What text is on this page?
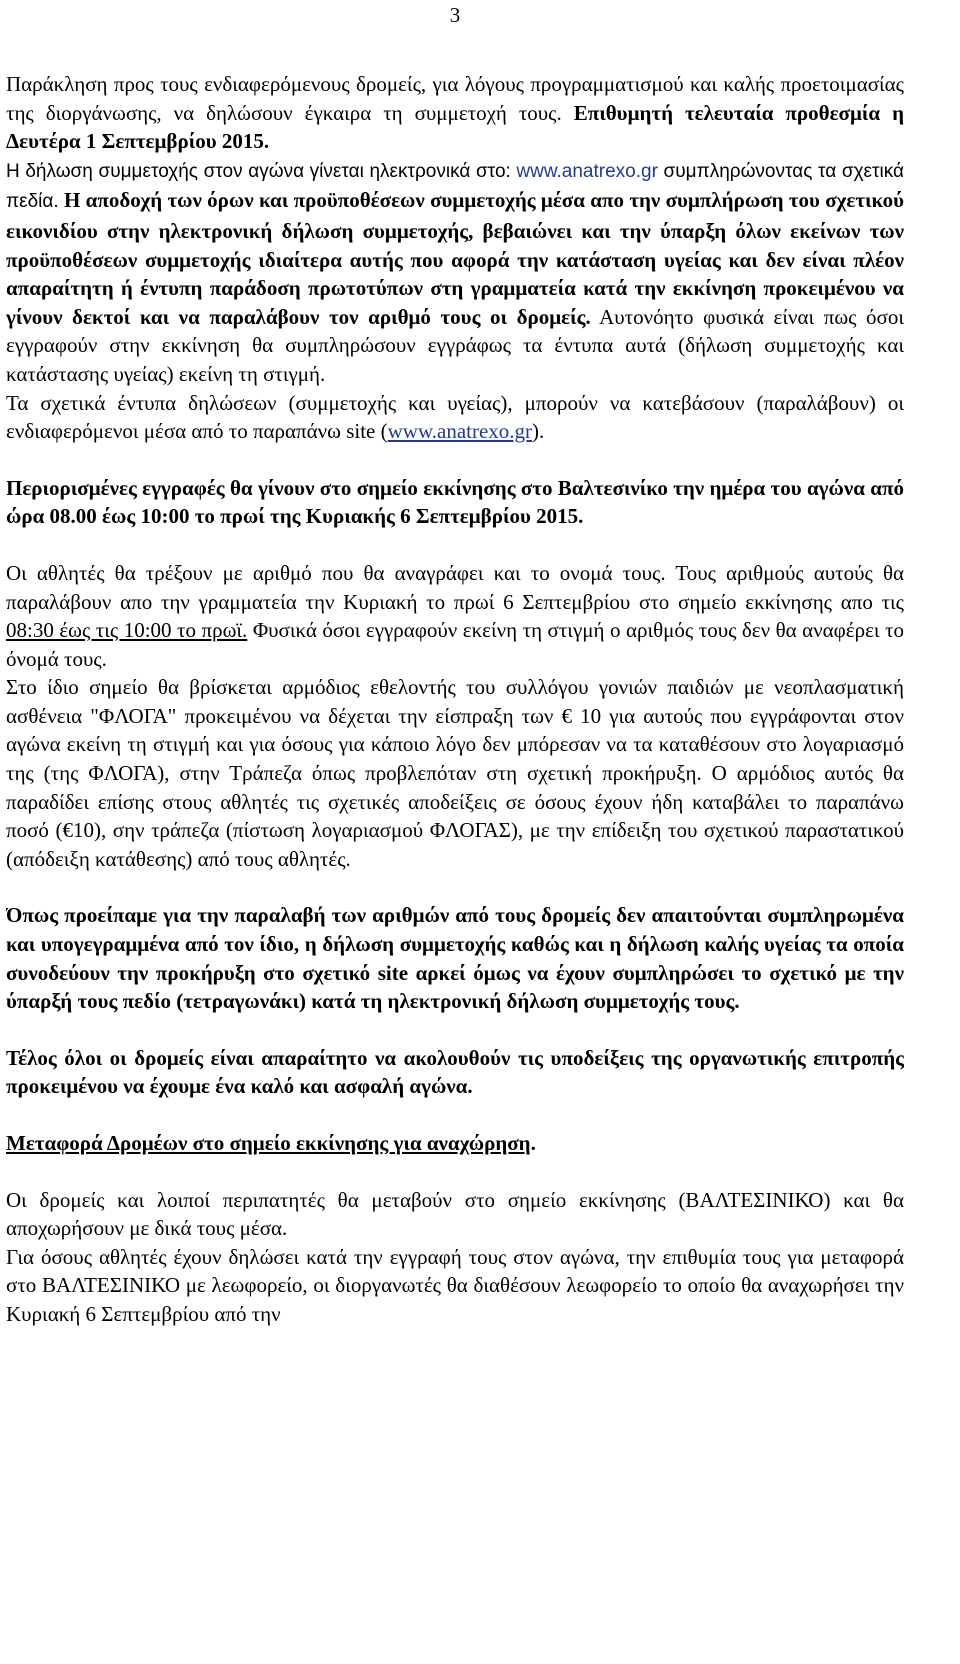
3

Παράκληση προς τους ενδιαφερόμενους δρομείς, για λόγους προγραμματισμού και καλής προετοιμασίας της διοργάνωσης, να δηλώσουν έγκαιρα τη συμμετοχή τους. Επιθυμητή τελευταία προθεσμία η Δευτέρα 1 Σεπτεμβρίου 2015.

Η δήλωση συμμετοχής στον αγώνα γίνεται ηλεκτρονικά στο: www.anatrexo.gr συμπληρώνοντας τα σχετικά πεδία. Η αποδοχή των όρων και προϋποθέσεων συμμετοχής μέσα απο την συμπλήρωση του σχετικού εικονιδίου στην ηλεκτρονική δήλωση συμμετοχής, βεβαιώνει και την ύπαρξη όλων εκείνων των προϋποθέσεων συμμετοχής ιδιαίτερα αυτής που αφορά την κατάσταση υγείας και δεν είναι πλέον απαραίτητη ή έντυπη παράδοση πρωτοτύπων στη γραμματεία κατά την εκκίνηση προκειμένου να γίνουν δεκτοί και να παραλάβουν τον αριθμό τους οι δρομείς. Αυτονόητο φυσικά είναι πως όσοι εγγραφούν στην εκκίνηση θα συμπληρώσουν εγγράφως τα έντυπα αυτά (δήλωση συμμετοχής και κατάστασης υγείας) εκείνη τη στιγμή.

Τα σχετικά έντυπα δηλώσεων (συμμετοχής και υγείας), μπορούν να κατεβάσουν (παραλάβουν) οι ενδιαφερόμενοι μέσα από το παραπάνω site (www.anatrexo.gr).

Περιορισμένες εγγραφές θα γίνουν στο σημείο εκκίνησης στο Βαλτεσινίκο την ημέρα του αγώνα από ώρα 08.00 έως 10:00 το πρωί της Κυριακής 6 Σεπτεμβρίου 2015.

Οι αθλητές θα τρέξουν με αριθμό που θα αναγράφει και το ονομά τους. Τους αριθμούς αυτούς θα παραλάβουν απο την γραμματεία την Κυριακή το πρωί 6 Σεπτεμβρίου στο σημείο εκκίνησης απο τις 08:30 έως τις 10:00 το πρωϊ. Φυσικά όσοι εγγραφούν εκείνη τη στιγμή ο αριθμός τους δεν θα αναφέρει το όνομά τους.

Στο ίδιο σημείο θα βρίσκεται αρμόδιος εθελοντής του συλλόγου γονιών παιδιών με νεοπλασματική ασθένεια "ΦΛΟΓΑ" προκειμένου να δέχεται την είσπραξη των € 10 για αυτούς που εγγράφονται στον αγώνα εκείνη τη στιγμή και για όσους για κάποιο λόγο δεν μπόρεσαν να τα καταθέσουν στο λογαριασμό της (της ΦΛΟΓΑ), στην Τράπεζα όπως προβλεπόταν στη σχετική προκήρυξη. Ο αρμόδιος αυτός θα παραδίδει επίσης στους αθλητές τις σχετικές αποδείξεις σε όσους έχουν ήδη καταβάλει το παραπάνω ποσό (€10), σην τράπεζα (πίστωση λογαριασμού ΦΛΟΓΑΣ), με την επίδειξη του σχετικού παραστατικού (απόδειξη κατάθεσης) από τους αθλητές.

Όπως προείπαμε για την παραλαβή των αριθμών από τους δρομείς δεν απαιτούνται συμπληρωμένα και υπογεγραμμένα από τον ίδιο, η δήλωση συμμετοχής καθώς και η δήλωση καλής υγείας τα οποία συνοδεύουν την προκήρυξη στο σχετικό site αρκεί όμως να έχουν συμπληρώσει το σχετικό με την ύπαρξή τους πεδίο (τετραγωνάκι) κατά τη ηλεκτρονική δήλωση συμμετοχής τους.

Τέλος όλοι οι δρομείς είναι απαραίτητο να ακολουθούν τις υποδείξεις της οργανωτικής επιτροπής προκειμένου να έχουμε ένα καλό και ασφαλή αγώνα.

Μεταφορά Δρομέων στο σημείο εκκίνησης για αναχώρηση.

Οι δρομείς και λοιποί περιπατητές θα μεταβούν στο σημείο εκκίνησης (ΒΑΛΤΕΣΙΝΙΚΟ) και θα αποχωρήσουν με δικά τους μέσα.

Για όσους αθλητές έχουν δηλώσει κατά την εγγραφή τους στον αγώνα, την επιθυμία τους για μεταφορά στο ΒΑΛΤΕΣΙΝΙΚΟ με λεωφορείο, οι διοργανωτές θα διαθέσουν λεωφορείο το οποίο θα αναχωρήσει την Κυριακή 6 Σεπτεμβρίου από την
